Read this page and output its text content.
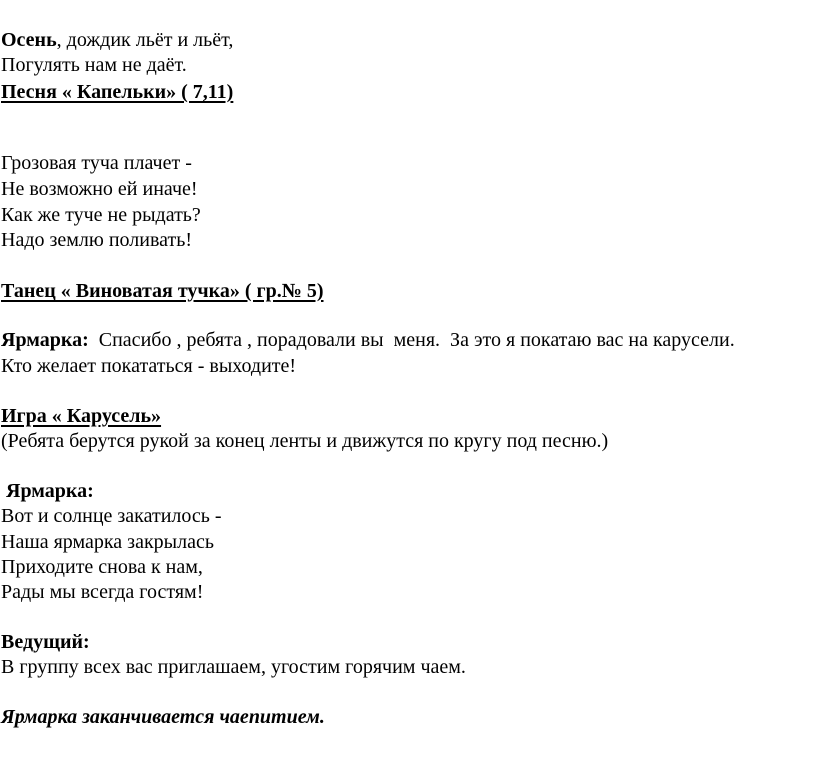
Осень, дождик льёт и льёт,
Погулять нам не даёт.
Песня « Капельки» ( 7,11)
Грозовая туча плачет -
Не возможно ей иначе!
Как же туче не рыдать?
Надо землю поливать!
Танец « Виноватая тучка» ( гр.№ 5)
Ярмарка:  Спасибо , ребята , порадовали вы  меня.  За это я покатаю вас на карусели.
Кто желает покататься - выходите!
Игра « Карусель»
(Ребята берутся рукой за конец ленты и движутся по кругу под песню.)
Ярмарка:
Вот и солнце закатилось -
Наша ярмарка закрылась
Приходите снова к нам,
Рады мы всегда гостям!
Ведущий:
В группу всех вас приглашаем, угостим горячим чаем.
Ярмарка заканчивается чаепитием.
